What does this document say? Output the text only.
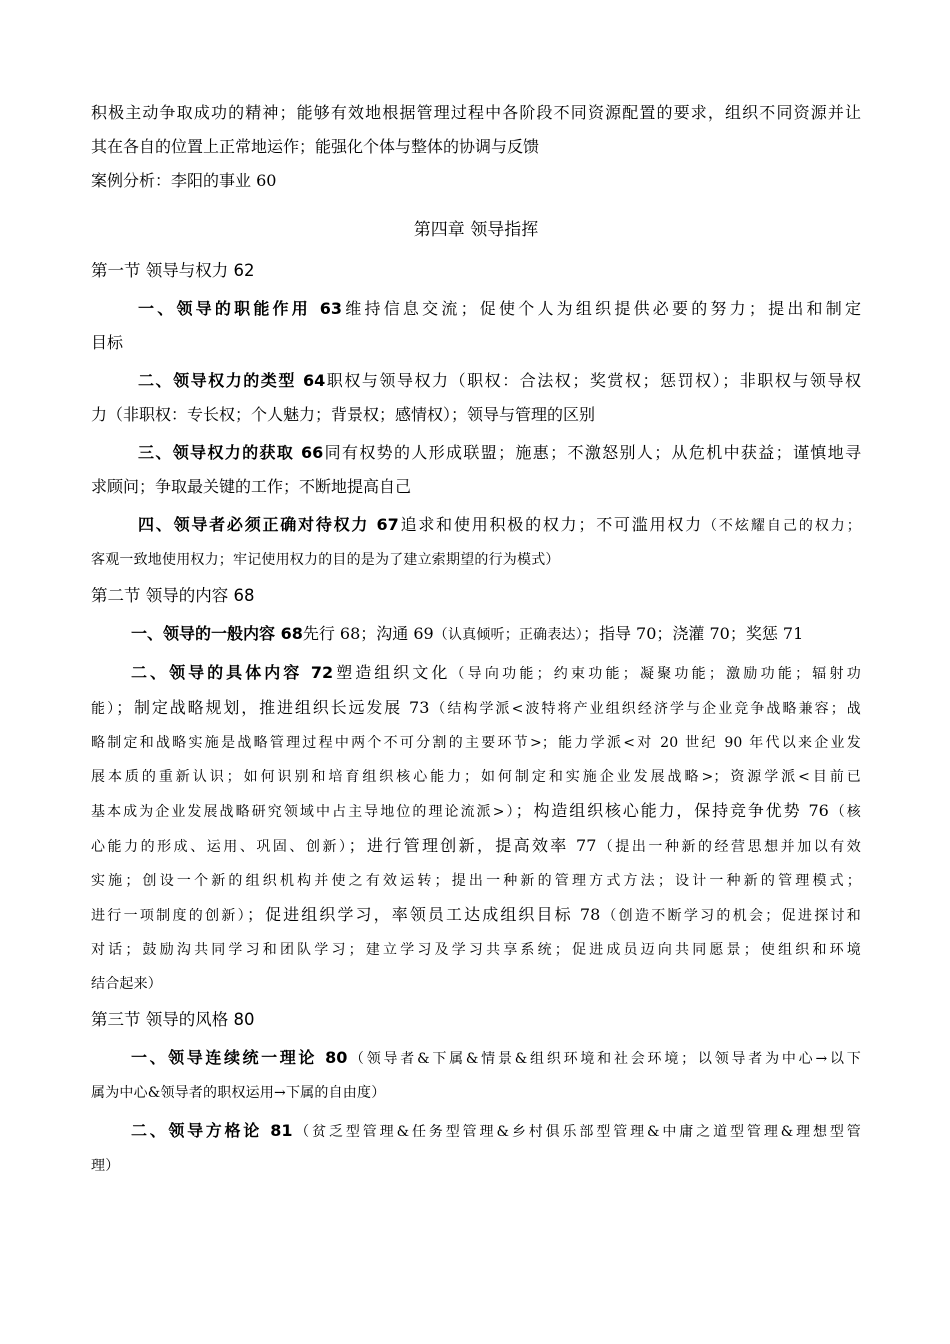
积极主动争取成功的精神；能够有效地根据管理过程中各阶段不同资源配置的要求，组织不同资源并让
其在各自的位置上正常地运作；能强化个体与整体的协调与反馈
案例分析：李阳的事业 60
第四章 领导指挥
第一节 领导与权力 62
一、领导的职能作用 63维持信息交流；促使个人为组织提供必要的努力；提出和制定
目标
二、领导权力的类型 64职权与领导权力（职权：合法权；奖赏权；惩罚权）；非职权与领导权
力（非职权：专长权；个人魅力；背景权；感情权）；领导与管理的区别
三、领导权力的获取 66同有权势的人形成联盟；施惠；不激怒别人；从危机中获益；谨慎地寻
求顾问；争取最关键的工作；不断地提高自己
四、领导者必须正确对待权力 67追求和使用积极的权力；不可滥用权力（不炫耀自己的权力；
客观一致地使用权力；牢记使用权力的目的是为了建立索期望的行为模式）
第二节 领导的内容 68
一、领导的一般内容 68先行 68；沟通 69（认真倾听；正确表达）；指导 70；浇灌 70；奖惩 71
二、领导的具体内容 72塑造组织文化（导向功能；约束功能；凝聚功能；激励功能；辐射功
能）；制定战略规划，推进组织长远发展 73（结构学派<波特将产业组织经济学与企业竞争战略兼容；战
略制定和战略实施是战略管理过程中两个不可分割的主要环节>；能力学派<对 20 世纪 90 年代以来企业发
展本质的重新认识；如何识别和培育组织核心能力；如何制定和实施企业发展战略>；资源学派<目前已
基本成为企业发展战略研究领域中占主导地位的理论流派>）；构造组织核心能力，保持竞争优势 76（核
心能力的形成、运用、巩固、创新）；进行管理创新，提高效率 77（提出一种新的经营思想并加以有效
实施；创设一个新的组织机构并使之有效运转；提出一种新的管理方式方法；设计一种新的管理模式；
进行一项制度的创新）；促进组织学习，率领员工达成组织目标 78（创造不断学习的机会；促进探讨和
对话；鼓励沟共同学习和团队学习；建立学习及学习共享系统；促进成员迈向共同愿景；使组织和环境
结合起来）
第三节 领导的风格 80
一、领导连续统一理论 80（领导者&下属&情景&组织环境和社会环境；以领导者为中心→以下
属为中心&领导者的职权运用→下属的自由度）
二、领导方格论 81（贫乏型管理&任务型管理&乡村俱乐部型管理&中庸之道型管理&理想型管
理）
